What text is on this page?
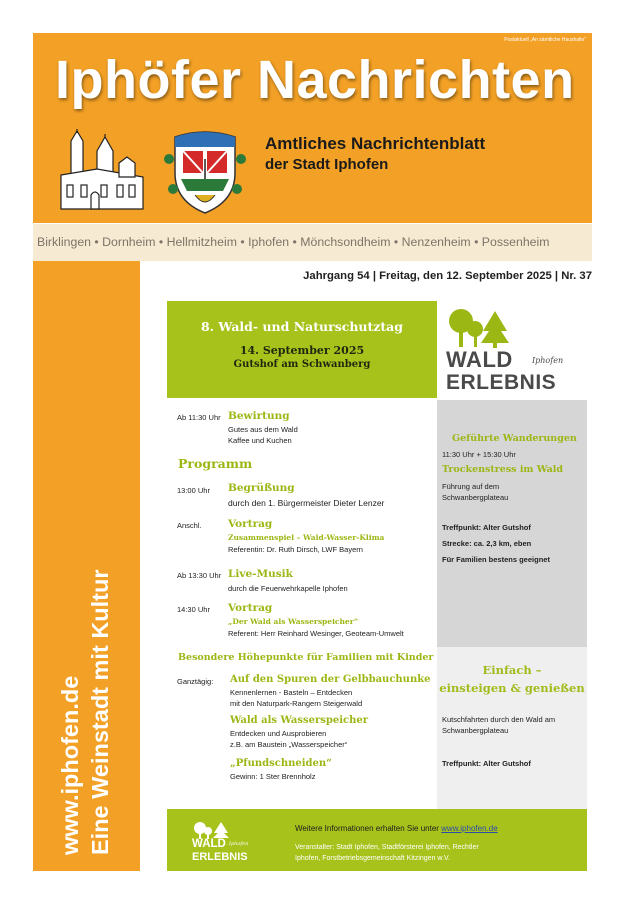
Postaktuell „An sämtliche Haushalte“
Iphöfer Nachrichten
Amtliches Nachrichtenblatt
der Stadt Iphofen
Birklingen • Dornheim • Hellmitzheim • Iphofen • Mönchsondheim • Nenzenheim • Possenheim
www.iphofen.de Eine Weinstadt mit Kultur
Jahrgang 54 | Freitag, den 12. September 2025 | Nr. 37
8. Wald- und Naturschutztag
14. September 2025
Gutshof am Schwanberg	WALD Iphofen
ERLEBNIS
Ab 11:30 Uhr Bewirtung
Gutes aus dem Wald
Kaffee und Kuchen
Programm
13:00 Uhr Begrüßung
durch den 1. Bürgermeister Dieter Lenzer
Anschl.	Vortrag
Zusammenspiel – Wald-Wasser-Klima
Referentin: Dr. Ruth Dirsch, LWF Bayern
Ab 13:30 Uhr Live-Musik
durch die Feuerwehrkapelle Iphofen
14:30 Uhr Vortrag
„Der Wald als Wasserspeicher“
Referent: Herr Reinhard Wesinger, Geoteam-Umwelt
Besondere Höhepunkte für Familien mit Kinder
Ganztägig: Auf den Spuren der Gelbbauchunke
Kennenlernen - Basteln – Entdecken
mit den Naturpark-Rangern Steigerwald
Wald als Wasserspeicher
Entdecken und Ausprobieren
z.B. am Baustein „Wasserspeicher“
„Pfundschneiden“
Gewinn: 1 Ster Brennholz
Geführte Wanderungen
11:30 Uhr + 15:30 Uhr
Trockenstress im Wald
Führung auf dem
Schwanbergplateau
Treffpunkt: Alter Gutshof
Strecke: ca. 2,3 km, eben
Für Familien bestens geeignet
Einfach –
einsteigen & genießen
Kutschfahrten durch den Wald am
Schwanbergplateau
Treffpunkt: Alter Gutshof
WALD Iphofen
ERLEBNIS
Weitere Informationen erhalten Sie unter www.iphofen.de
Veranstalter: Stadt Iphofen, Stadtförsterei Iphofen, Rechtler
Iphofen, Forstbetriebsgemeinschaft Kitzingen w.V.
